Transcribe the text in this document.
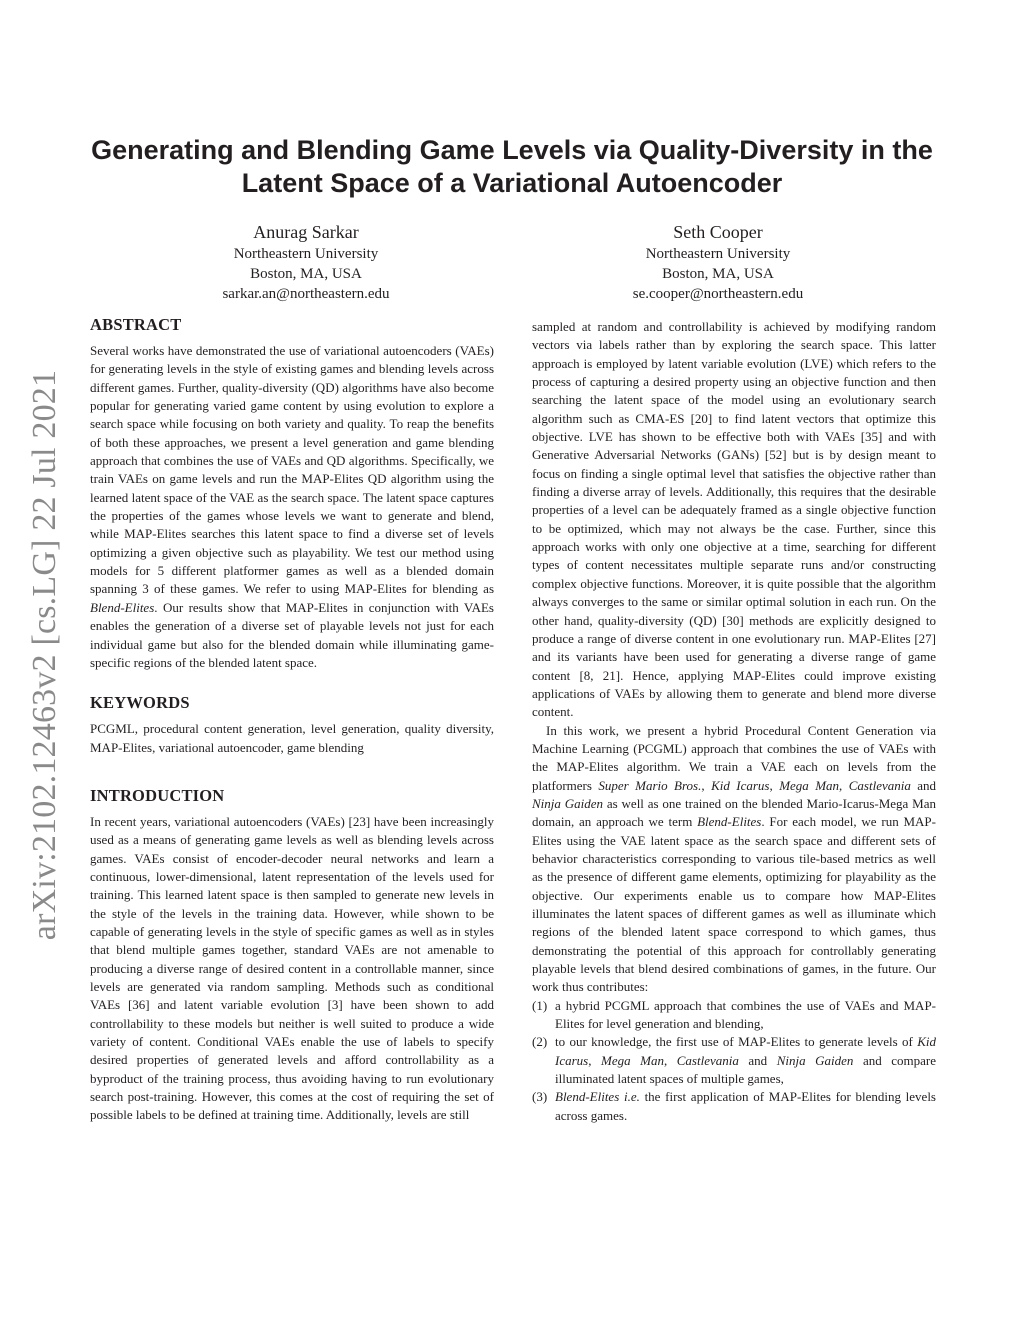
arXiv:2102.12463v2 [cs.LG] 22 Jul 2021
Generating and Blending Game Levels via Quality-Diversity in the Latent Space of a Variational Autoencoder
Anurag Sarkar
Northeastern University
Boston, MA, USA
sarkar.an@northeastern.edu
Seth Cooper
Northeastern University
Boston, MA, USA
se.cooper@northeastern.edu
ABSTRACT

Several works have demonstrated the use of variational autoencoders (VAEs) for generating levels in the style of existing games and blending levels across different games. Further, quality-diversity (QD) algorithms have also become popular for generating varied game content by using evolution to explore a search space while focusing on both variety and quality. To reap the benefits of both these approaches, we present a level generation and game blending approach that combines the use of VAEs and QD algorithms. Specifically, we train VAEs on game levels and run the MAP-Elites QD algorithm using the learned latent space of the VAE as the search space. The latent space captures the properties of the games whose levels we want to generate and blend, while MAP-Elites searches this latent space to find a diverse set of levels optimizing a given objective such as playability. We test our method using models for 5 different platformer games as well as a blended domain spanning 3 of these games. We refer to using MAP-Elites for blending as Blend-Elites. Our results show that MAP-Elites in conjunction with VAEs enables the generation of a diverse set of playable levels not just for each individual game but also for the blended domain while illuminating game-specific regions of the blended latent space.

KEYWORDS

PCGML, procedural content generation, level generation, quality diversity, MAP-Elites, variational autoencoder, game blending

INTRODUCTION

In recent years, variational autoencoders (VAEs) [23] have been increasingly used as a means of generating game levels as well as blending levels across games. VAEs consist of encoder-decoder neural networks and learn a continuous, lower-dimensional, latent representation of the levels used for training. This learned latent space is then sampled to generate new levels in the style of the levels in the training data. However, while shown to be capable of generating levels in the style of specific games as well as in styles that blend multiple games together, standard VAEs are not amenable to producing a diverse range of desired content in a controllable manner, since levels are generated via random sampling. Methods such as conditional VAEs [36] and latent variable evolution [3] have been shown to add controllability to these models but neither is well suited to produce a wide variety of content. Conditional VAEs enable the use of labels to specify desired properties of generated levels and afford controllability as a byproduct of the training process, thus avoiding having to run evolutionary search post-training. However, this comes at the cost of requiring the set of possible labels to be defined at training time. Additionally, levels are still

sampled at random and controllability is achieved by modifying random vectors via labels rather than by exploring the search space. This latter approach is employed by latent variable evolution (LVE) which refers to the process of capturing a desired property using an objective function and then searching the latent space of the model using an evolutionary search algorithm such as CMA-ES [20] to find latent vectors that optimize this objective. LVE has shown to be effective both with VAEs [35] and with Generative Adversarial Networks (GANs) [52] but is by design meant to focus on finding a single optimal level that satisfies the objective rather than finding a diverse array of levels. Additionally, this requires that the desirable properties of a level can be adequately framed as a single objective function to be optimized, which may not always be the case. Further, since this approach works with only one objective at a time, searching for different types of content necessitates multiple separate runs and/or constructing complex objective functions. Moreover, it is quite possible that the algorithm always converges to the same or similar optimal solution in each run. On the other hand, quality-diversity (QD) [30] methods are explicitly designed to produce a range of diverse content in one evolutionary run. MAP-Elites [27] and its variants have been used for generating a diverse range of game content [8, 21]. Hence, applying MAP-Elites could improve existing applications of VAEs by allowing them to generate and blend more diverse content.

In this work, we present a hybrid Procedural Content Generation via Machine Learning (PCGML) approach that combines the use of VAEs with the MAP-Elites algorithm. We train a VAE each on levels from the platformers Super Mario Bros., Kid Icarus, Mega Man, Castlevania and Ninja Gaiden as well as one trained on the blended Mario-Icarus-Mega Man domain, an approach we term Blend-Elites. For each model, we run MAP-Elites using the VAE latent space as the search space and different sets of behavior characteristics corresponding to various tile-based metrics as well as the presence of different game elements, optimizing for playability as the objective. Our experiments enable us to compare how MAP-Elites illuminates the latent spaces of different games as well as illuminate which regions of the blended latent space correspond to which games, thus demonstrating the potential of this approach for controllably generating playable levels that blend desired combinations of games, in the future. Our work thus contributes:

(1) a hybrid PCGML approach that combines the use of VAEs and MAP-Elites for level generation and blending,
(2) to our knowledge, the first use of MAP-Elites to generate levels of Kid Icarus, Mega Man, Castlevania and Ninja Gaiden and compare illuminated latent spaces of multiple games,
(3) Blend-Elites i.e. the first application of MAP-Elites for blending levels across games.
